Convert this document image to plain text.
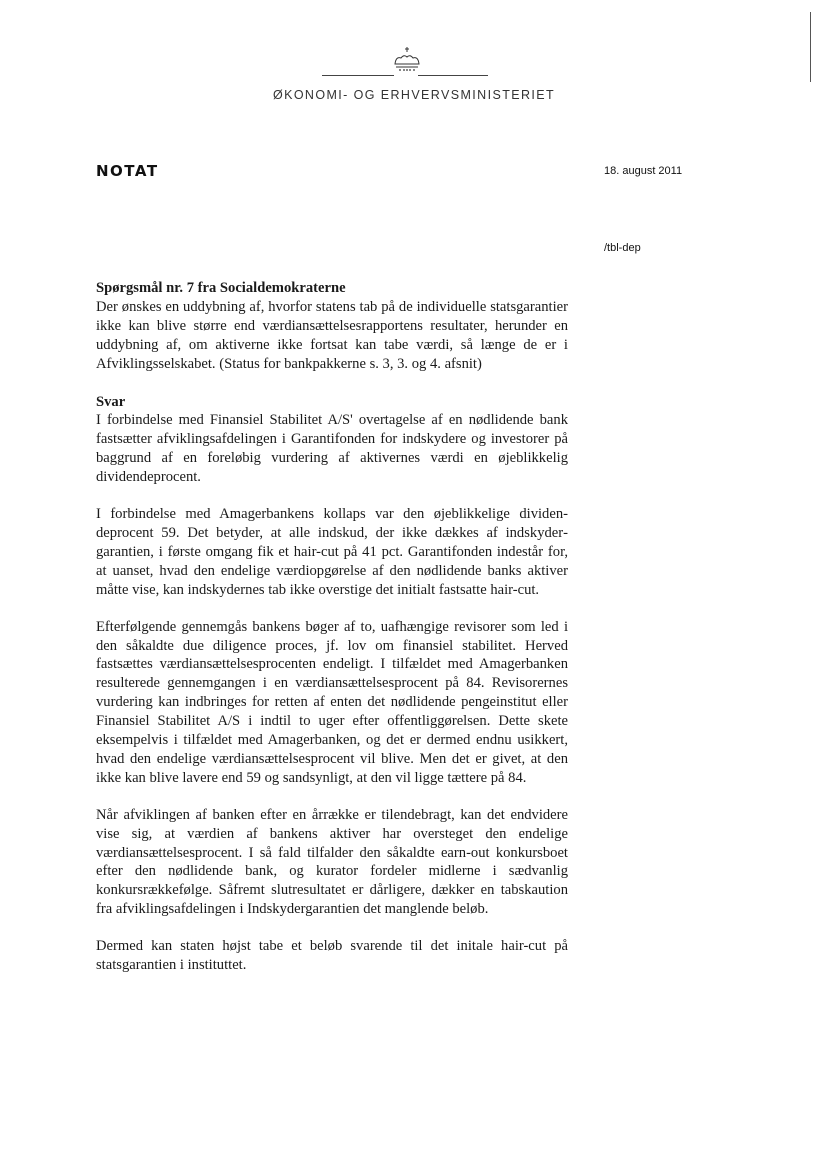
ØKONOMI- OG ERHVERVSMINISTERIET
NOTAT	18. august 2011
/tbl-dep

Spørgsmål nr. 7 fra Socialdemokraterne

Der ønskes en uddybning af, hvorfor statens tab på de individuelle statsgarantier ikke kan blive større end værdiansættelsesrapportens resultater, herunder en uddybning af, om aktiverne ikke fortsat kan tabe værdi, så længe de er i Afviklingsselskabet. (Status for bankpakkerne s. 3, 3. og 4. afsnit)

Svar

I forbindelse med Finansiel Stabilitet A/S' overtagelse af en nødlidende bank fastsætter afviklingsafdelingen i Garantifonden for indskydere og investorer på baggrund af en foreløbig vurdering af aktivernes værdi en øjeblikkelig dividendeprocent.

I forbindelse med Amagerbankens kollaps var den øjeblikkelige dividendeprocent 59. Det betyder, at alle indskud, der ikke dækkes af indskydergarantien, i første omgang fik et hair-cut på 41 pct. Garantifonden indestår for, at uanset, hvad den endelige værdiopgørelse af den nødlidende banks aktiver måtte vise, kan indskydernes tab ikke overstige det initialt fastsatte hair-cut.

Efterfølgende gennemgås bankens bøger af to, uafhængige revisorer som led i den såkaldte due diligence proces, jf. lov om finansiel stabilitet. Herved fastsættes værdiansættelsesprocenten endeligt. I tilfældet med Amagerbanken resulterede gennemgangen i en værdiansættelsesprocent på 84. Revisorernes vurdering kan indbringes for retten af enten det nødlidende pengeinstitut eller Finansiel Stabilitet A/S i indtil to uger efter offentliggørelsen. Dette skete eksempelvis i tilfældet med Amagerbanken, og det er dermed endnu usikkert, hvad den endelige værdiansættelsesprocent vil blive. Men det er givet, at den ikke kan blive lavere end 59 og sandsynligt, at den vil ligge tættere på 84.

Når afviklingen af banken efter en årrække er tilendebragt, kan det endvidere vise sig, at værdien af bankens aktiver har oversteget den endelige værdiansættelsesprocent. I så fald tilfalder den såkaldte earn-out konkursboet efter den nødlidende bank, og kurator fordeler midlerne i sædvanlig konkursrækkefølge. Såfremt slutresultatet er dårligere, dækker en tabskaution fra afviklingsafdelingen i Indskydergarantien det manglende beløb.

Dermed kan staten højst tabe et beløb svarende til det initale hair-cut på statsgarantien i instituttet.
